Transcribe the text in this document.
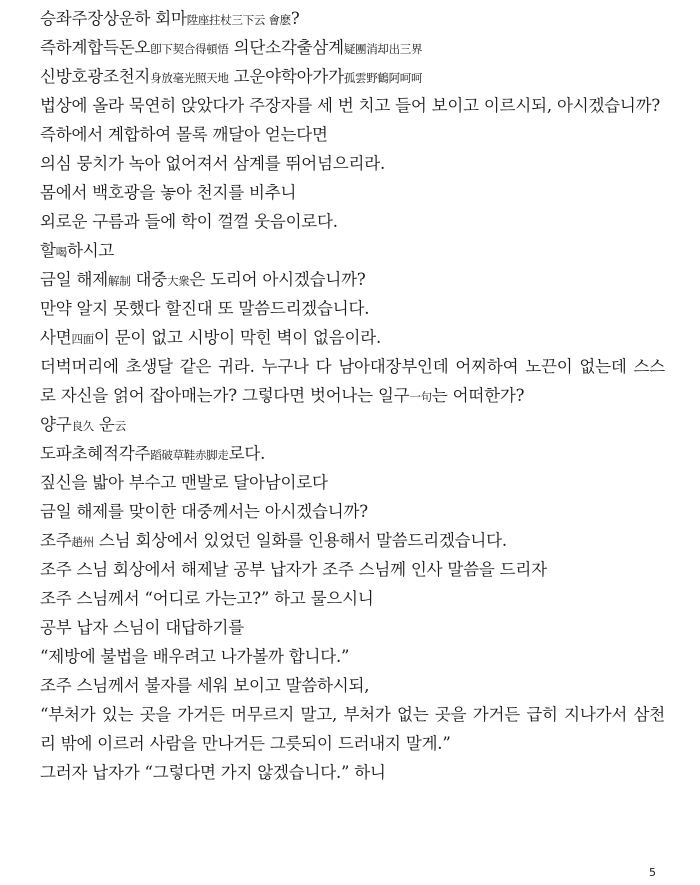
승좌주장상운하 회마陞座拄杖三下云 會麽?
즉하계합득돈오卽下契合得頓悟 의단소각출삼계疑團消却出三界
신방호광조천지身放毫光照天地 고운야학아가가孤雲野鶴阿呵呵
법상에 올라 묵연히 앉았다가 주장자를 세 번 치고 들어 보이고 이르시되, 아시겠습니까?
즉하에서 계합하여 몰록 깨달아 얻는다면
의심 뭉치가 녹아 없어져서 삼계를 뛰어넘으리라.
몸에서 백호광을 놓아 천지를 비추니
외로운 구름과 들에 학이 껄껄 웃음이로다.
할喝하시고
금일 해제解制 대중大衆은 도리어 아시겠습니까?
만약 알지 못했다 할진대 또 말씀드리겠습니다.
사면四面이 문이 없고 시방이 막힌 벽이 없음이라.
더벅머리에 초생달 같은 귀라. 누구나 다 남아대장부인데 어찌하여 노끈이 없는데 스스
로 자신을 얽어 잡아매는가? 그렇다면 벗어나는 일구一句는 어떠한가?
양구良久 운云
도파초혜적각주蹈破草鞋赤脚走로다.
짚신을 밟아 부수고 맨발로 달아남이로다
금일 해제를 맞이한 대중께서는 아시겠습니까?
조주趙州 스님 회상에서 있었던 일화를 인용해서 말씀드리겠습니다.
조주 스님 회상에서 해제날 공부 납자가 조주 스님께 인사 말씀을 드리자
조주 스님께서 “어디로 가는고?” 하고 물으시니
공부 납자 스님이 대답하기를
“제방에 불법을 배우려고 나가볼까 합니다.”
조주 스님께서 불자를 세워 보이고 말씀하시되,
“부처가 있는 곳을 가거든 머무르지 말고, 부처가 없는 곳을 가거든 급히 지나가서 삼천
리 밖에 이르러 사람을 만나거든 그릇되이 드러내지 말게.”
그러자 납자가 “그렇다면 가지 않겠습니다.” 하니
5
